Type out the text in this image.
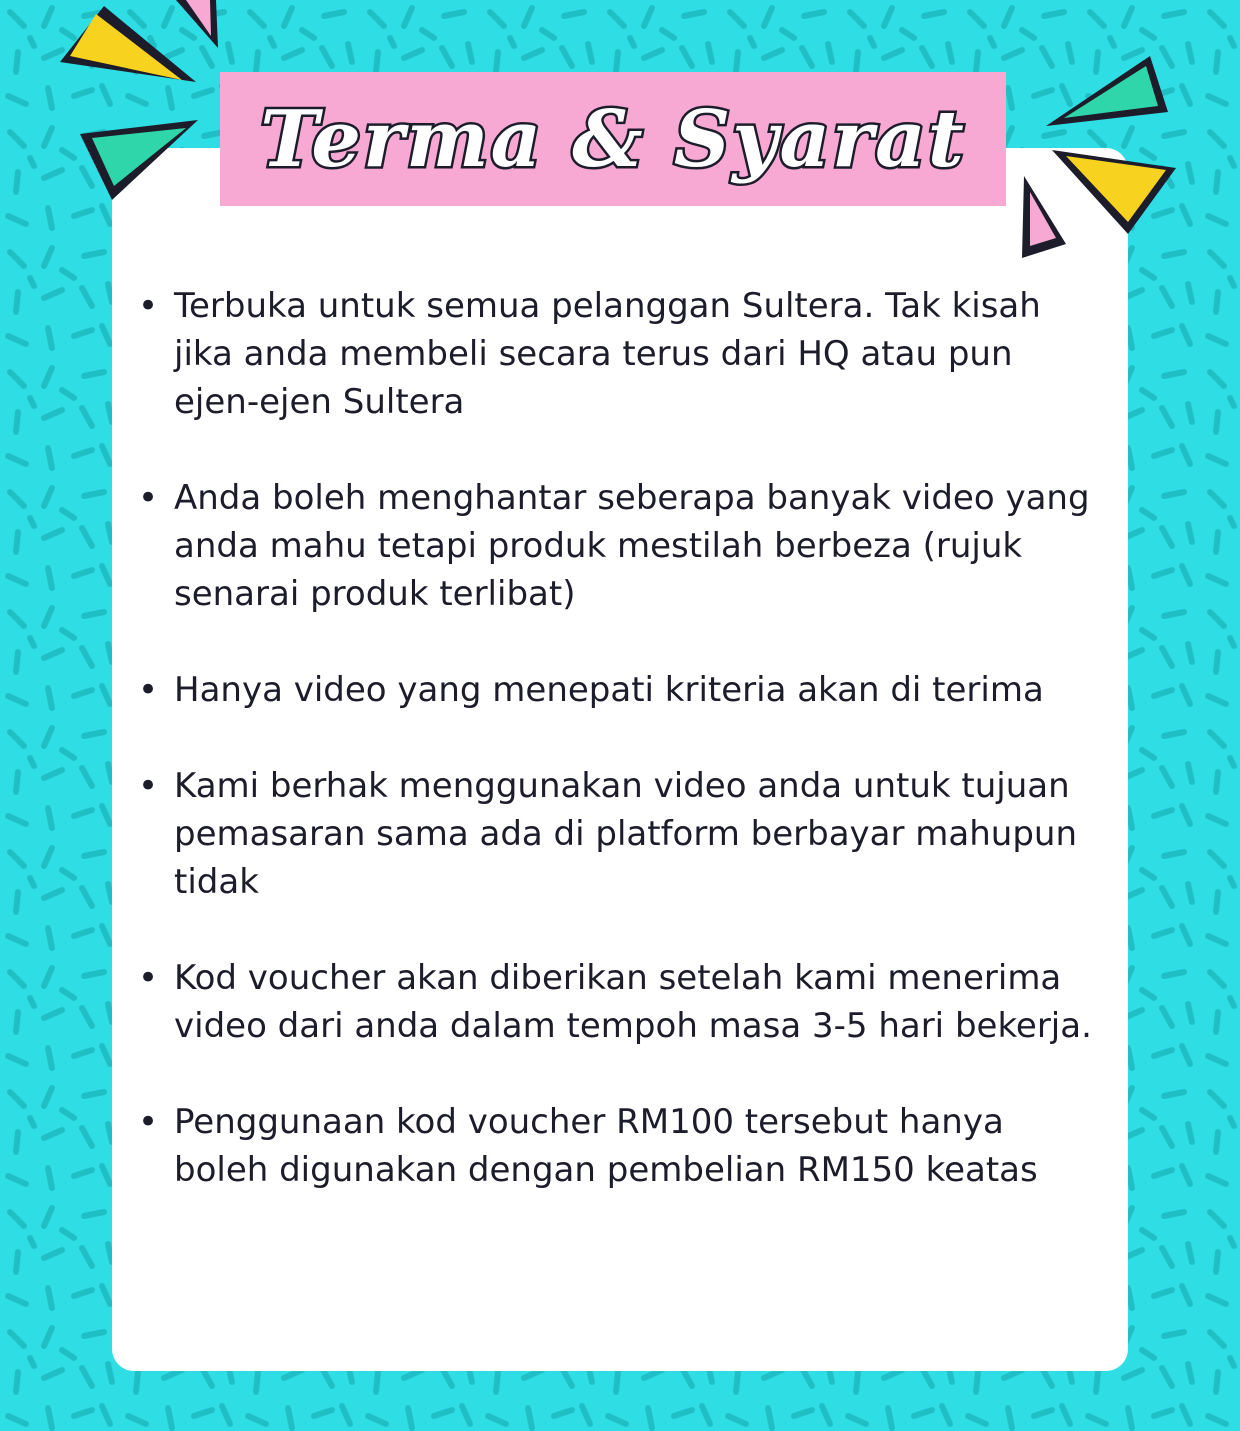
Terma & Syarat
• Terbuka untuk semua pelanggan Sultera. Tak kisah jika anda membeli secara terus dari HQ atau pun ejen-ejen Sultera
• Anda boleh menghantar seberapa banyak video yang anda mahu tetapi produk mestilah berbeza (rujuk senarai produk terlibat)
• Hanya video yang menepati kriteria akan di terima
• Kami berhak menggunakan video anda untuk tujuan pemasaran sama ada di platform berbayar mahupun tidak
• Kod voucher akan diberikan setelah kami menerima video dari anda dalam tempoh masa 3-5 hari bekerja.
• Penggunaan kod voucher RM100 tersebut hanya boleh digunakan dengan pembelian RM150 keatas
